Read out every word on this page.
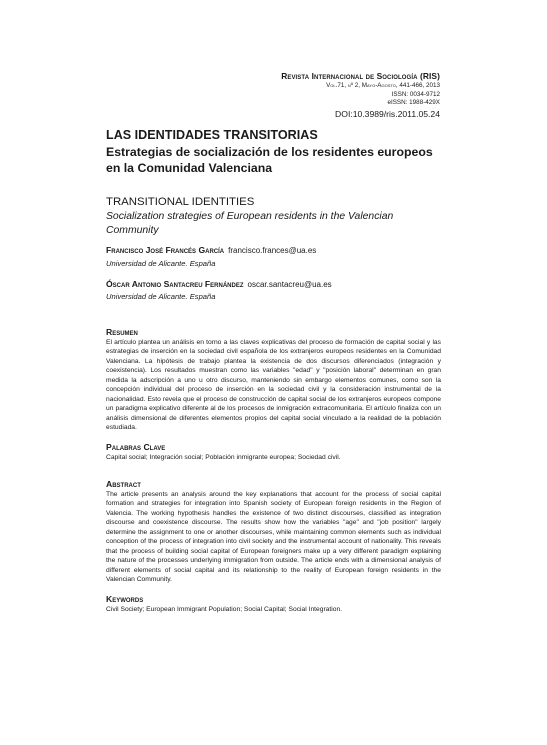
Revista Internacional de Sociología (RIS)
Vol.71, nº 2, Mayo-Agosto, 441-466, 2013
ISSN: 0034-9712
eISSN: 1988-429X
DOI:10.3989/ris.2011.05.24
LAS IDENTIDADES TRANSITORIAS
Estrategias de socialización de los residentes europeos en la Comunidad Valenciana
TRANSITIONAL IDENTITIES
Socialization strategies of European residents in the Valencian Community
Francisco José Francés García francisco.frances@ua.es
Universidad de Alicante. España
Óscar Antonio Santacreu Fernández oscar.santacreu@ua.es
Universidad de Alicante. España
Resumen
El artículo plantea un análisis en torno a las claves explicativas del proceso de formación de capital social y las estrategias de inserción en la sociedad civil española de los extranjeros europeos residentes en la Comunidad Valenciana. La hipótesis de trabajo plantea la existencia de dos discursos diferenciados (integración y coexistencia). Los resultados muestran como las variables "edad" y "posición laboral" determinan en gran medida la adscripción a uno u otro discurso, manteniendo sin embargo elementos comunes, como son la concepción individual del proceso de inserción en la sociedad civil y la consideración instrumental de la nacionalidad. Esto revela que el proceso de construcción de capital social de los extranjeros europeos compone un paradigma explicativo diferente al de los procesos de inmigración extracomunitaria. El artículo finaliza con un análisis dimensional de diferentes elementos propios del capital social vinculado a la realidad de la población estudiada.
Palabras Clave
Capital social; Integración social; Población inmigrante europea; Sociedad civil.
Abstract
The article presents an analysis around the key explanations that account for the process of social capital formation and strategies for integration into Spanish society of European foreign residents in the Region of Valencia. The working hypothesis handles the existence of two distinct discourses, classified as integration discourse and coexistence discourse. The results show how the variables "age" and "job position" largely determine the assignment to one or another discourses, while maintaining common elements such as individual conception of the process of integration into civil society and the instrumental account of nationality. This reveals that the process of building social capital of European foreigners make up a very different paradigm explaining the nature of the processes underlying immigration from outside. The article ends with a dimensional analysis of different elements of social capital and its relationship to the reality of European foreign residents in the Valencian Community.
Keywords
Civil Society; European Immigrant Population; Social Capital; Social Integration.
